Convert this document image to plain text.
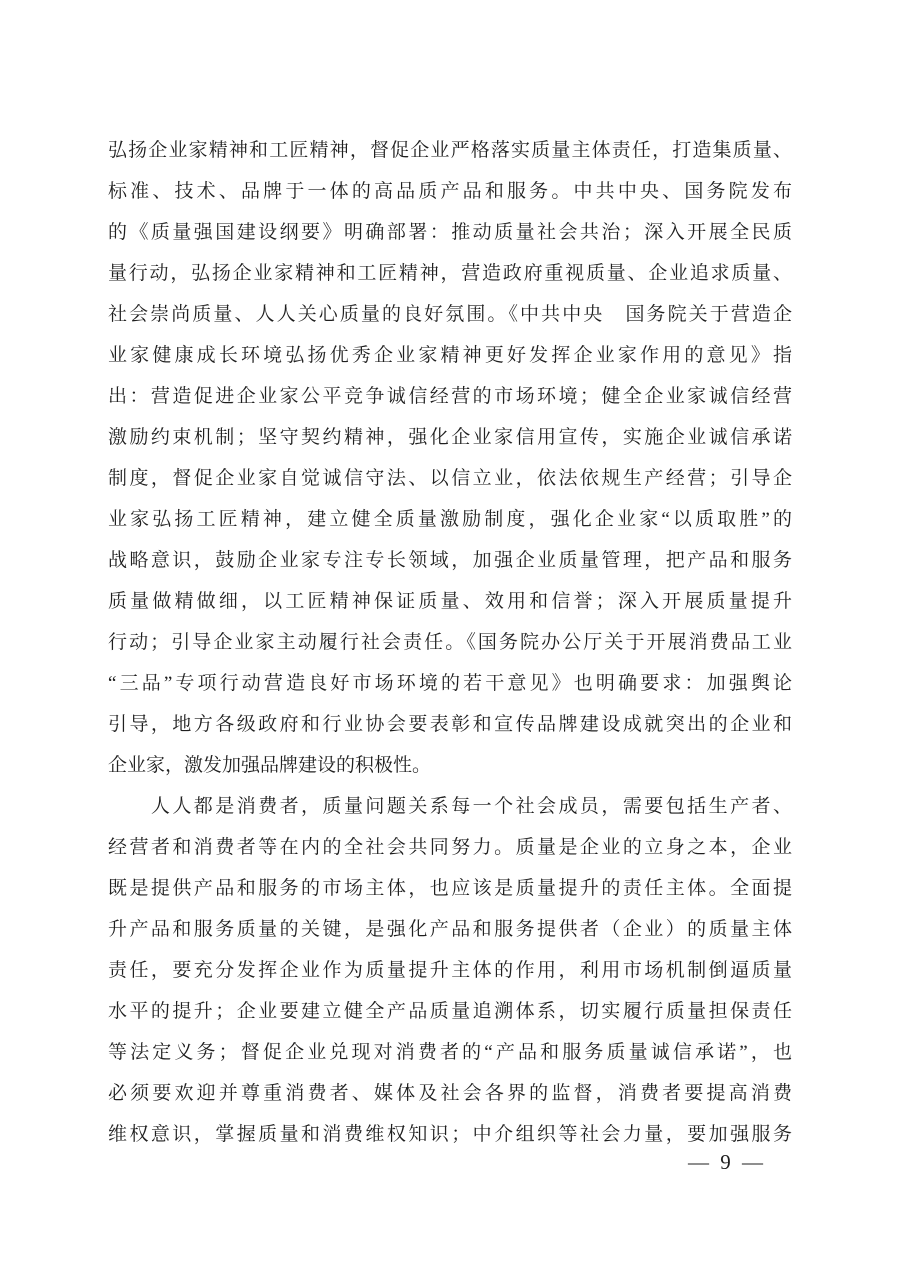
弘扬企业家精神和工匠精神，督促企业严格落实质量主体责任，打造集质量、
标准、技术、品牌于一体的高品质产品和服务。中共中央、国务院发布
的《质量强国建设纲要》明确部署：推动质量社会共治；深入开展全民质
量行动，弘扬企业家精神和工匠精神，营造政府重视质量、企业追求质量、
社会崇尚质量、人人关心质量的良好氛围。《中共中央　国务院关于营造企
业家健康成长环境弘扬优秀企业家精神更好发挥企业家作用的意见》指
出：营造促进企业家公平竞争诚信经营的市场环境；健全企业家诚信经营
激励约束机制；坚守契约精神，强化企业家信用宣传，实施企业诚信承诺
制度，督促企业家自觉诚信守法、以信立业，依法依规生产经营；引导企
业家弘扬工匠精神，建立健全质量激励制度，强化企业家“以质取胜”的
战略意识，鼓励企业家专注专长领域，加强企业质量管理，把产品和服务
质量做精做细，以工匠精神保证质量、效用和信誉；深入开展质量提升
行动；引导企业家主动履行社会责任。《国务院办公厅关于开展消费品工业
“三品”专项行动营造良好市场环境的若干意见》也明确要求：加强舆论
引导，地方各级政府和行业协会要表彰和宣传品牌建设成就突出的企业和
企业家，激发加强品牌建设的积极性。
　　人人都是消费者，质量问题关系每一个社会成员，需要包括生产者、
经营者和消费者等在内的全社会共同努力。质量是企业的立身之本，企业
既是提供产品和服务的市场主体，也应该是质量提升的责任主体。全面提
升产品和服务质量的关键，是强化产品和服务提供者（企业）的质量主体
责任，要充分发挥企业作为质量提升主体的作用，利用市场机制倒逼质量
水平的提升；企业要建立健全产品质量追溯体系，切实履行质量担保责任
等法定义务；督促企业兑现对消费者的“产品和服务质量诚信承诺”，也
必须要欢迎并尊重消费者、媒体及社会各界的监督，消费者要提高消费
维权意识，掌握质量和消费维权知识；中介组织等社会力量，要加强服务
— 9 —
